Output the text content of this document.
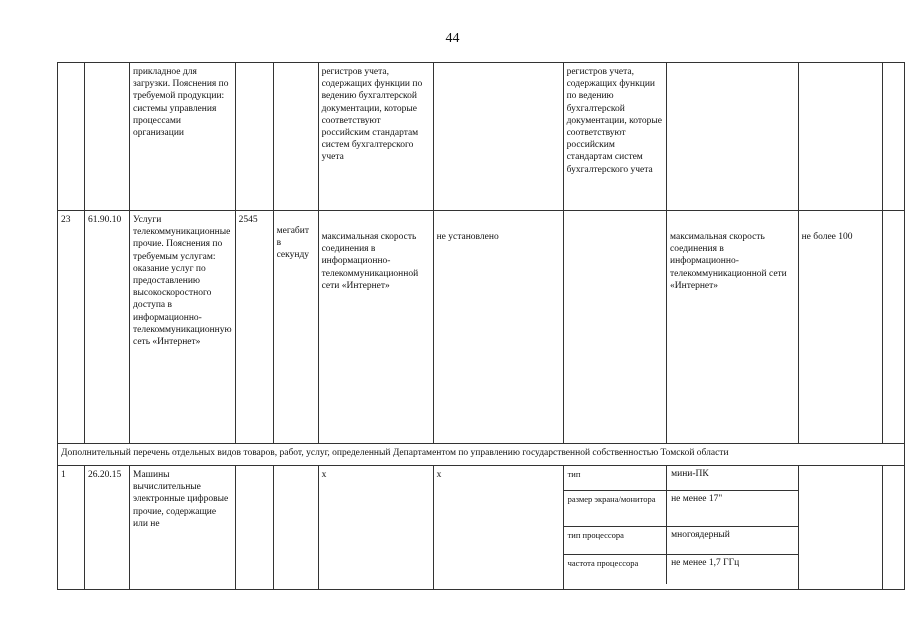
44
		прикладное для загрузки. Пояснения по требуемой продукции: системы управления процессами организации			регистров учета, содержащих функции по ведению бухгалтерской документации, которые соответствуют российским стандартам систем бухгалтерского учета		регистров учета, содержащих функции по ведению бухгалтерской документации, которые соответствуют российским стандартам систем бухгалтерского учета			
23	61.90.10	Услуги телекоммуникационные прочие. Пояснения по требуемым услугам: оказание услуг по предоставлению высокоскоростного доступа в информационно-телекоммуникационную сеть «Интернет»	2545	мегабит в секунду	максимальная скорость соединения в информационно-телекоммуникационной сети «Интернет»	не установлено		максимальная скорость соединения в информационно-телекоммуникационной сети «Интернет»	не более 100	
Дополнительный перечень отдельных видов товаров, работ, услуг, определенный Департаментом по управлению государственной собственностью Томской области
1	26.20.15	Машины вычислительные электронные цифровые прочие, содержащие или не			x	x		тип	мини-ПК
размер экрана/монитора	не менее 17"
тип процессора	многоядерный
частота процессора	не менее 1,7 ГГц
